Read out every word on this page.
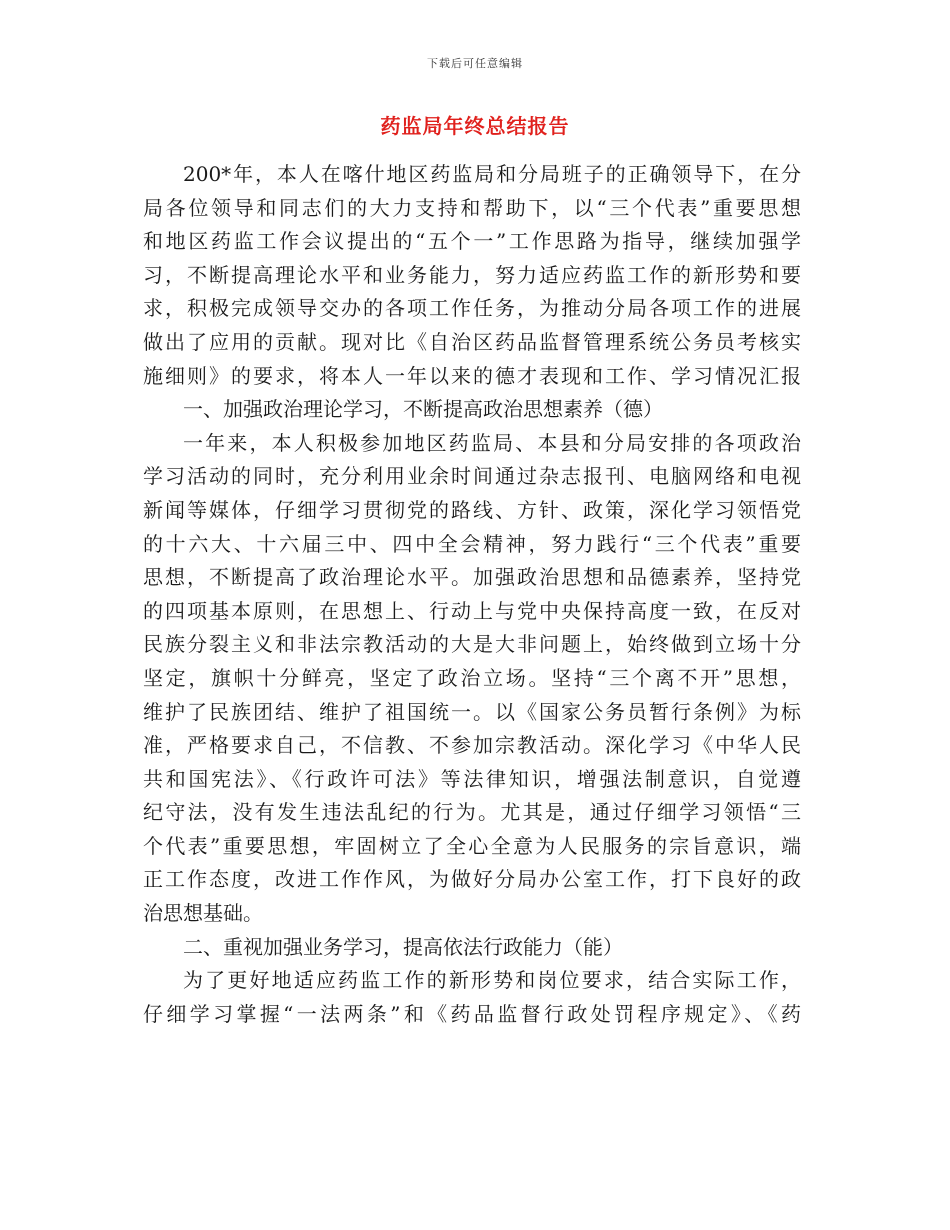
下载后可任意编辑
药监局年终总结报告
200*年，本人在喀什地区药监局和分局班子的正确领导下，在分
局各位领导和同志们的大力支持和帮助下，以“三个代表”重要思想
和地区药监工作会议提出的“五个一”工作思路为指导，继续加强学
习，不断提高理论水平和业务能力，努力适应药监工作的新形势和要
求，积极完成领导交办的各项工作任务，为推动分局各项工作的进展
做出了应用的贡献。现对比《自治区药品监督管理系统公务员考核实
施细则》的要求，将本人一年以来的德才表现和工作、学习情况汇报
一、加强政治理论学习，不断提高政治思想素养（德）
一年来，本人积极参加地区药监局、本县和分局安排的各项政治
学习活动的同时，充分利用业余时间通过杂志报刊、电脑网络和电视
新闻等媒体，仔细学习贯彻党的路线、方针、政策，深化学习领悟党
的十六大、十六届三中、四中全会精神，努力践行“三个代表”重要
思想，不断提高了政治理论水平。加强政治思想和品德素养，坚持党
的四项基本原则，在思想上、行动上与党中央保持高度一致，在反对
民族分裂主义和非法宗教活动的大是大非问题上，始终做到立场十分
坚定，旗帜十分鲜亮，坚定了政治立场。坚持“三个离不开”思想，
维护了民族团结、维护了祖国统一。以《国家公务员暂行条例》为标
准，严格要求自己，不信教、不参加宗教活动。深化学习《中华人民
共和国宪法》、《行政许可法》等法律知识，增强法制意识，自觉遵
纪守法，没有发生违法乱纪的行为。尤其是，通过仔细学习领悟“三
个代表”重要思想，牢固树立了全心全意为人民服务的宗旨意识，端
正工作态度，改进工作作风，为做好分局办公室工作，打下良好的政
治思想基础。
二、重视加强业务学习，提高依法行政能力（能）
为了更好地适应药监工作的新形势和岗位要求，结合实际工作，
仔细学习掌握“一法两条”和《药品监督行政处罚程序规定》、《药
